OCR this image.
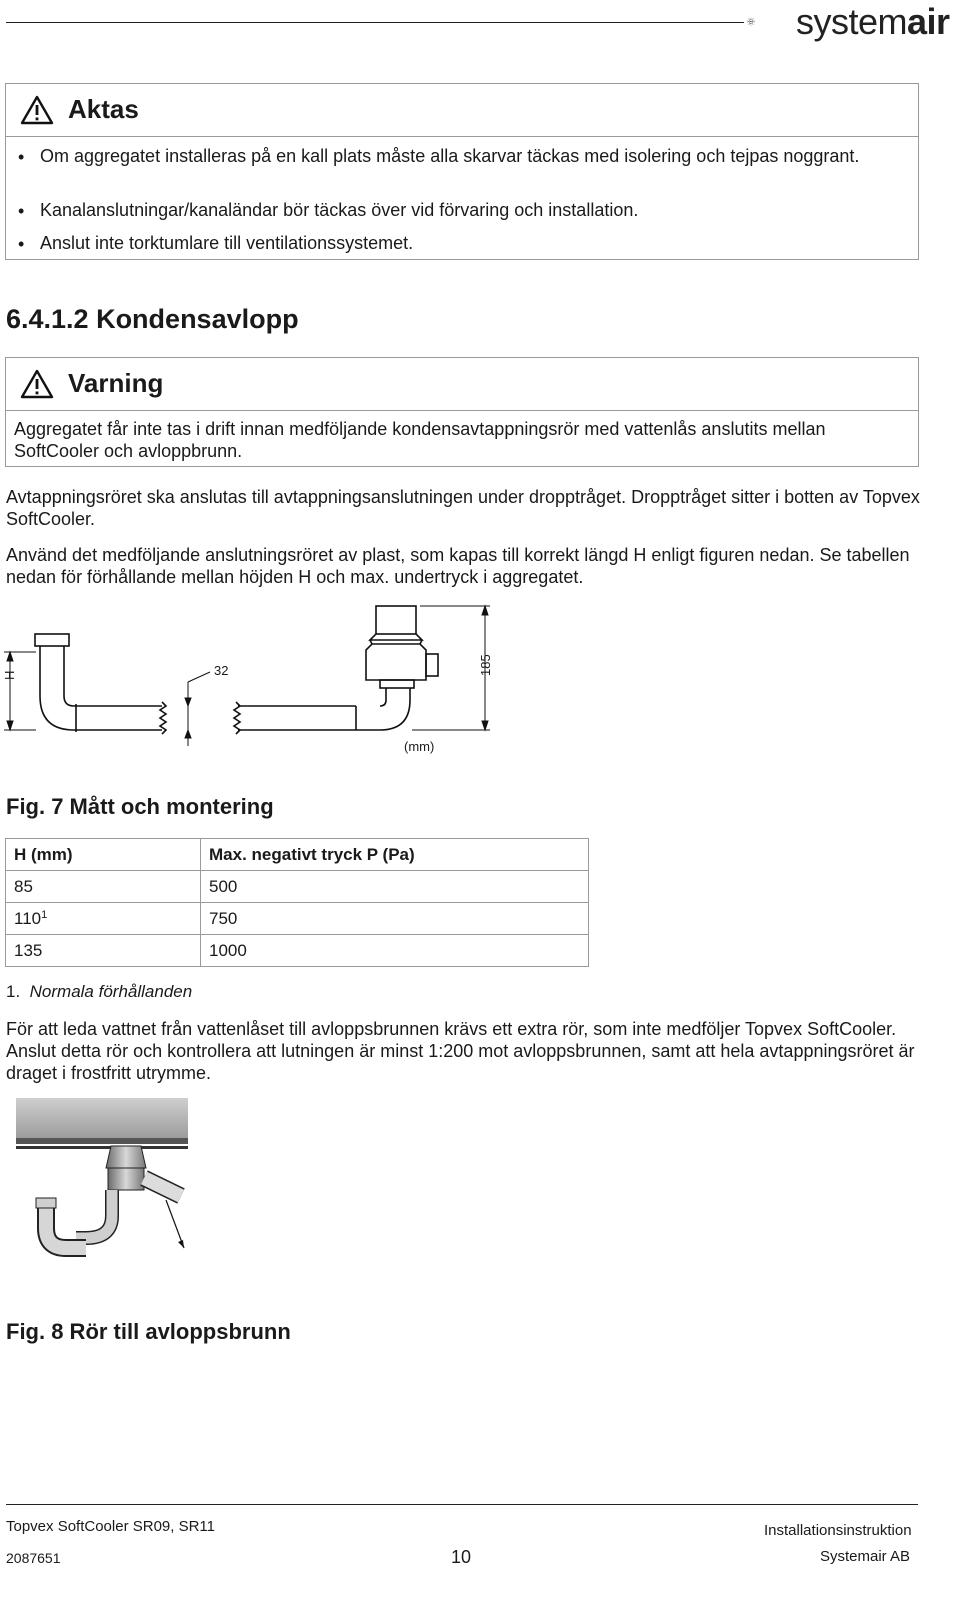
systemair
Aktas
• Om aggregatet installeras på en kall plats måste alla skarvar täckas med isolering och tejpas noggrant.
• Kanalanslutningar/kanaländar bör täckas över vid förvaring och installation.
• Anslut inte torktumlare till ventilationssystemet.
6.4.1.2 Kondensavlopp
Varning
Aggregatet får inte tas i drift innan medföljande kondensavtappningsrör med vattenlås anslutits mellan SoftCooler och avloppbrunn.
Avtappningsröret ska anslutas till avtappningsanslutningen under dropptråget. Dropptråget sitter i botten av Topvex SoftCooler.
Använd det medföljande anslutningsröret av plast, som kapas till korrekt längd H enligt figuren nedan. Se tabellen nedan för förhållande mellan höjden H och max. undertryck i aggregatet.
H	32	185
(mm)
Fig. 7 Mått och montering
H (mm)	Max. negativt tryck P (Pa)
85	500
$110^1$	750
135	1000
1. Normala förhållanden
För att leda vattnet från vattenlåset till avloppsbrunnen krävs ett extra rör, som inte medföljer Topvex SoftCooler. Anslut detta rör och kontrollera att lutningen är minst 1:200 mot avloppsbrunnen, samt att hela avtappningsröret är draget i frostfritt utrymme.
Fig. 8 Rör till avloppsbrunn
Topvex SoftCooler SR09, SR11
2087651	10
Installationsinstruktion
Systemair AB
